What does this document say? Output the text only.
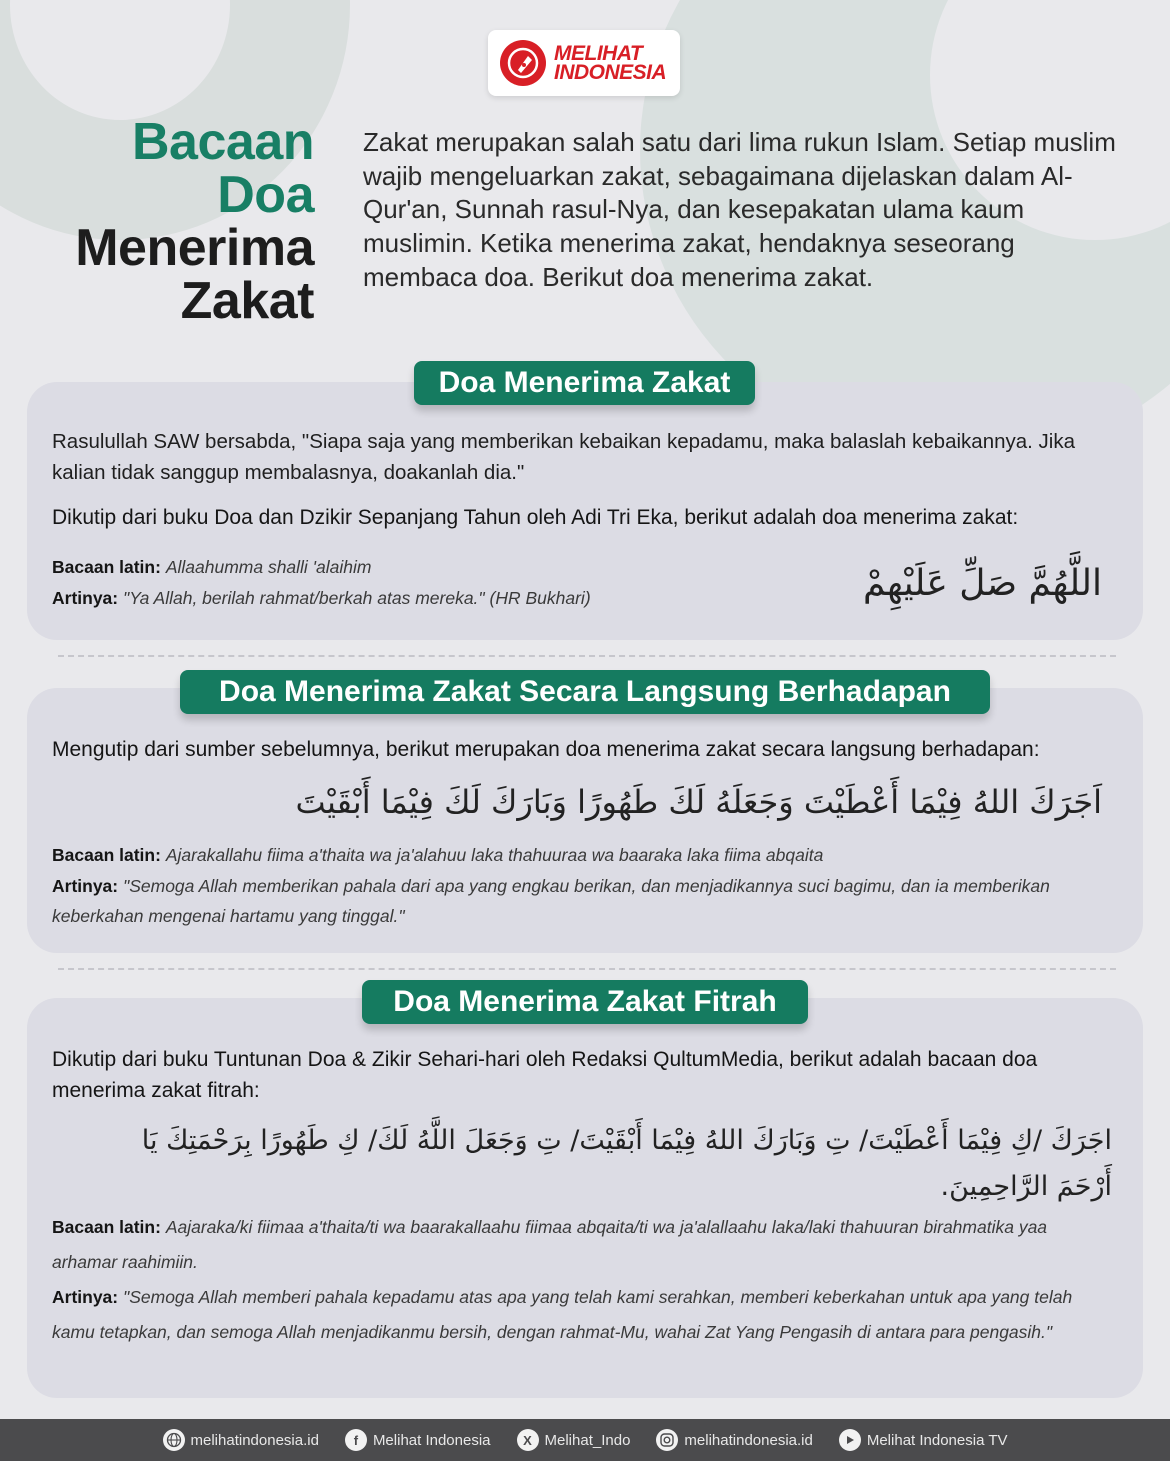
MELIHAT
INDONESIA
Bacaan
Doa
Menerima
Zakat
Zakat merupakan salah satu dari lima rukun Islam. Setiap muslim wajib mengeluarkan zakat, sebagaimana dijelaskan dalam Al-Qur'an, Sunnah rasul-Nya, dan kesepakatan ulama kaum muslimin. Ketika menerima zakat, hendaknya seseorang membaca doa. Berikut doa menerima zakat.
Doa Menerima Zakat
Rasulullah SAW bersabda, "Siapa saja yang memberikan kebaikan kepadamu, maka balaslah kebaikannya. Jika kalian tidak sanggup membalasnya, doakanlah dia."
Dikutip dari buku Doa dan Dzikir Sepanjang Tahun oleh Adi Tri Eka, berikut adalah doa menerima zakat:
Bacaan latin: Allaahumma shalli 'alaihim
Artinya: "Ya Allah, berilah rahmat/berkah atas mereka." (HR Bukhari)	اللَّهُمَّ صَلِّ عَلَيْهِمْ
Doa Menerima Zakat Secara Langsung Berhadapan
Mengutip dari sumber sebelumnya, berikut merupakan doa menerima zakat secara langsung berhadapan:
اَجَرَكَ اللهُ فِيْمَا أَعْطَيْتَ وَجَعَلَهُ لَكَ طَهُورًا وَبَارَكَ لَكَ فِيْمَا أَبْقَيْتَ
Bacaan latin: Ajarakallahu fiima a'thaita wa ja'alahuu laka thahuuraa wa baaraka laka fiima abqaita
Artinya: "Semoga Allah memberikan pahala dari apa yang engkau berikan, dan menjadikannya suci bagimu, dan ia memberikan keberkahan mengenai hartamu yang tinggal."
Doa Menerima Zakat Fitrah
Dikutip dari buku Tuntunan Doa & Zikir Sehari-hari oleh Redaksi QultumMedia, berikut adalah bacaan doa menerima zakat fitrah:
اجَرَكَ /كِ فِيْمَا أَعْطَيْتَ/ تِ وَبَارَكَ اللهُ فِيْمَا أَبْقَيْتَ/ تِ وَجَعَلَ اللَّهُ لَكَ/ كِ طَهُورًا بِرَحْمَتِكَ يَا أَرْحَمَ الرَّاحِمِينَ.
Bacaan latin: Aajaraka/ki fiimaa a'thaita/ti wa baarakallaahu fiimaa abqaita/ti wa ja'alallaahu laka/laki thahuuran birahmatika yaa arhamar raahimiin.
Artinya: "Semoga Allah memberi pahala kepadamu atas apa yang telah kami serahkan, memberi keberkahan untuk apa yang telah kamu tetapkan, dan semoga Allah menjadikanmu bersih, dengan rahmat-Mu, wahai Zat Yang Pengasih di antara para pengasih."
melihatindonesia.id	f Melihat Indonesia	X Melihat_Indo	melihatindonesia.id	Melihat Indonesia TV
